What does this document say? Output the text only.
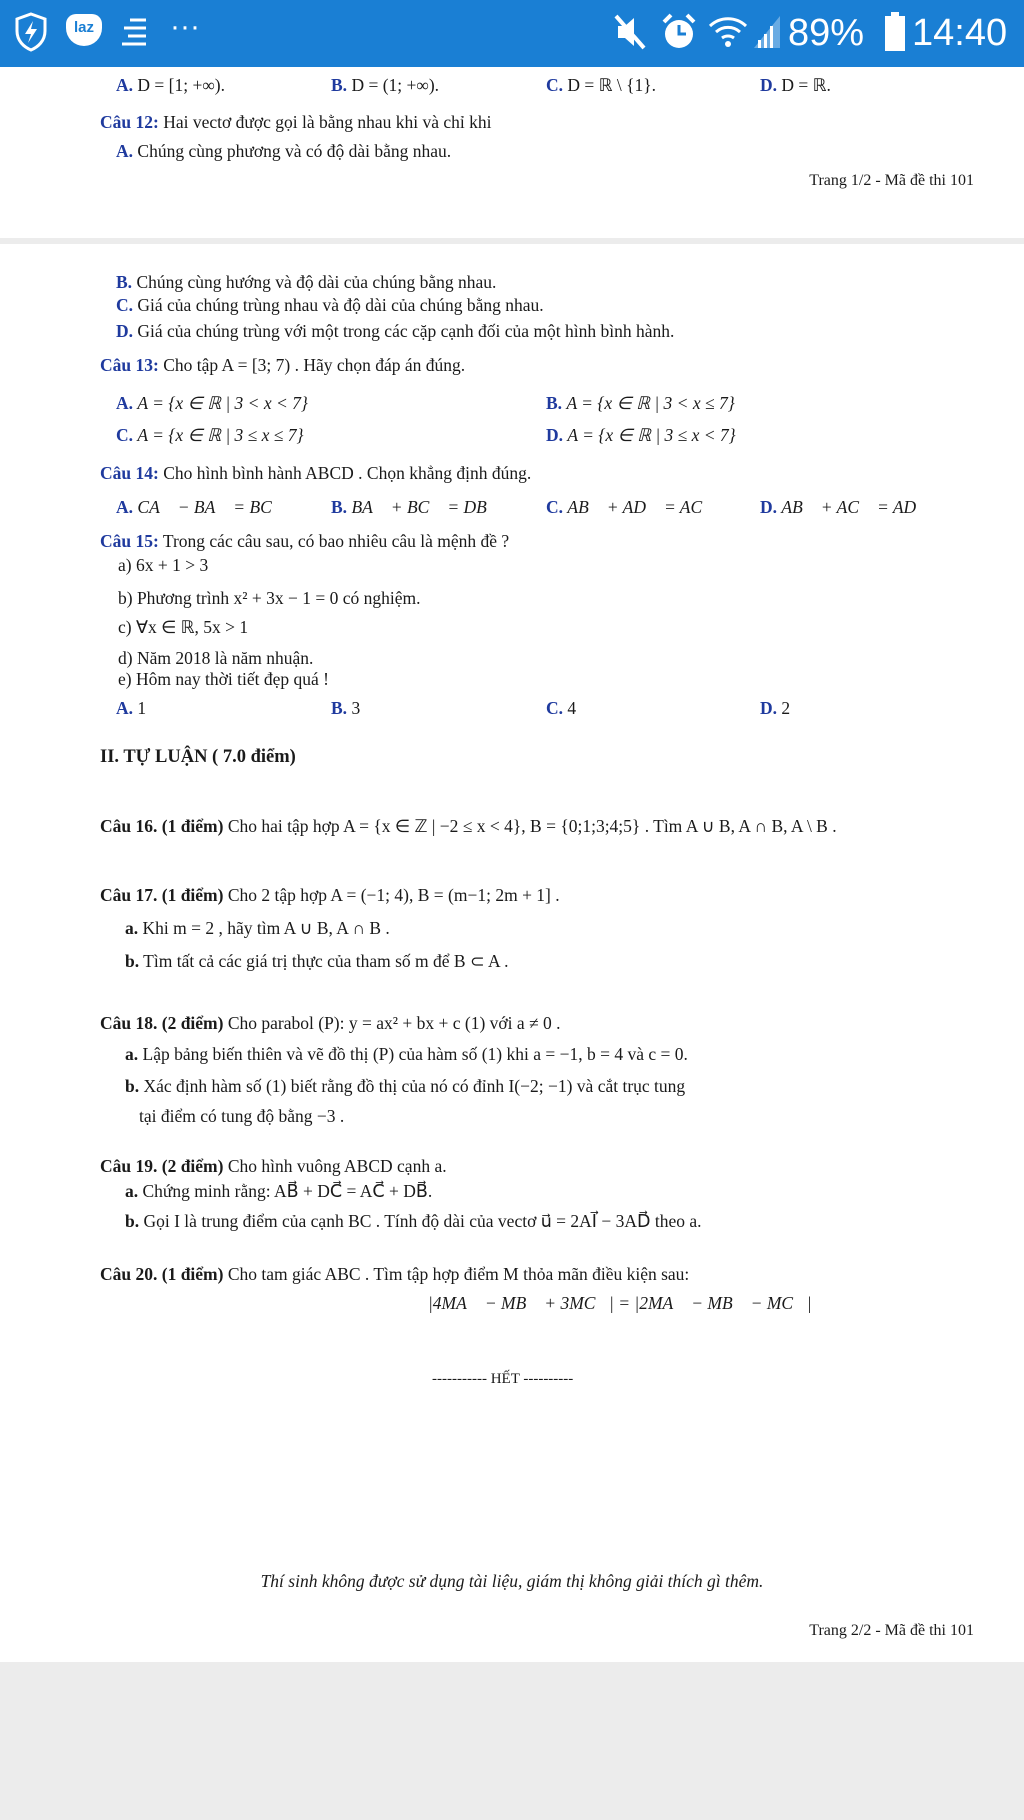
laz	···	89% 14:40
A. D = [1; +∞).	B. D = (1; +∞).	C. D = ℝ \ {1}.	D. D = ℝ.
Câu 12: Hai vectơ được gọi là bằng nhau khi và chỉ khi
A. Chúng cùng phương và có độ dài bằng nhau.
Trang 1/2 - Mã đề thi 101
B. Chúng cùng hướng và độ dài của chúng bằng nhau.
C. Giá của chúng trùng nhau và độ dài của chúng bằng nhau.
D. Giá của chúng trùng với một trong các cặp cạnh đối của một hình bình hành.
Câu 13: Cho tập A = [3; 7) . Hãy chọn đáp án đúng.
A. A = {x ∈ ℝ | 3 < x < 7}	B. A = {x ∈ ℝ | 3 < x ≤ 7}
C. A = {x ∈ ℝ | 3 ≤ x ≤ 7}	D. A = {x ∈ ℝ | 3 ≤ x < 7}
Câu 14: Cho hình bình hành ABCD . Chọn khẳng định đúng.
A. CA⃗ − BA⃗ = BC⃗	B. BA⃗ + BC⃗ = DB⃗	C. AB⃗ + AD⃗ = AC⃗	D. AB⃗ + AC⃗ = AD⃗
Câu 15: Trong các câu sau, có bao nhiêu câu là mệnh đề ?
a) 6x + 1 > 3
b) Phương trình x² + 3x − 1 = 0 có nghiệm.
c) ∀x ∈ ℝ, 5x > 1
d) Năm 2018 là năm nhuận.
e) Hôm nay thời tiết đẹp quá !
A. 1	B. 3	C. 4	D. 2
II. TỰ LUẬN ( 7.0 điểm)
Câu 16. (1 điểm) Cho hai tập hợp A = {x ∈ ℤ | −2 ≤ x < 4}, B = {0;1;3;4;5} . Tìm A ∪ B, A ∩ B, A \ B .
Câu 17. (1 điểm) Cho 2 tập hợp A = (−1; 4), B = (m−1; 2m + 1] .
a. Khi m = 2 , hãy tìm A ∪ B, A ∩ B .
b. Tìm tất cả các giá trị thực của tham số m để B ⊂ A .
Câu 18. (2 điểm) Cho parabol (P): y = ax² + bx + c (1) với a ≠ 0 .
a. Lập bảng biến thiên và vẽ đồ thị (P) của hàm số (1) khi a = −1, b = 4 và c = 0.
b. Xác định hàm số (1) biết rằng đồ thị của nó có đỉnh I(−2; −1) và cắt trục tung
tại điểm có tung độ bằng −3 .
Câu 19. (2 điểm) Cho hình vuông ABCD cạnh a.
a. Chứng minh rằng: AB⃗ + DC⃗ = AC⃗ + DB⃗.
b. Gọi I là trung điểm của cạnh BC . Tính độ dài của vectơ u⃗ = 2AI⃗ − 3AD⃗ theo a.
Câu 20. (1 điểm) Cho tam giác ABC . Tìm tập hợp điểm M thỏa mãn điều kiện sau:
|4MA⃗ − MB⃗ + 3MC⃗| = |2MA⃗ − MB⃗ − MC⃗|
----------- HẾT ----------
Thí sinh không được sử dụng tài liệu, giám thị không giải thích gì thêm.
Trang 2/2 - Mã đề thi 101
